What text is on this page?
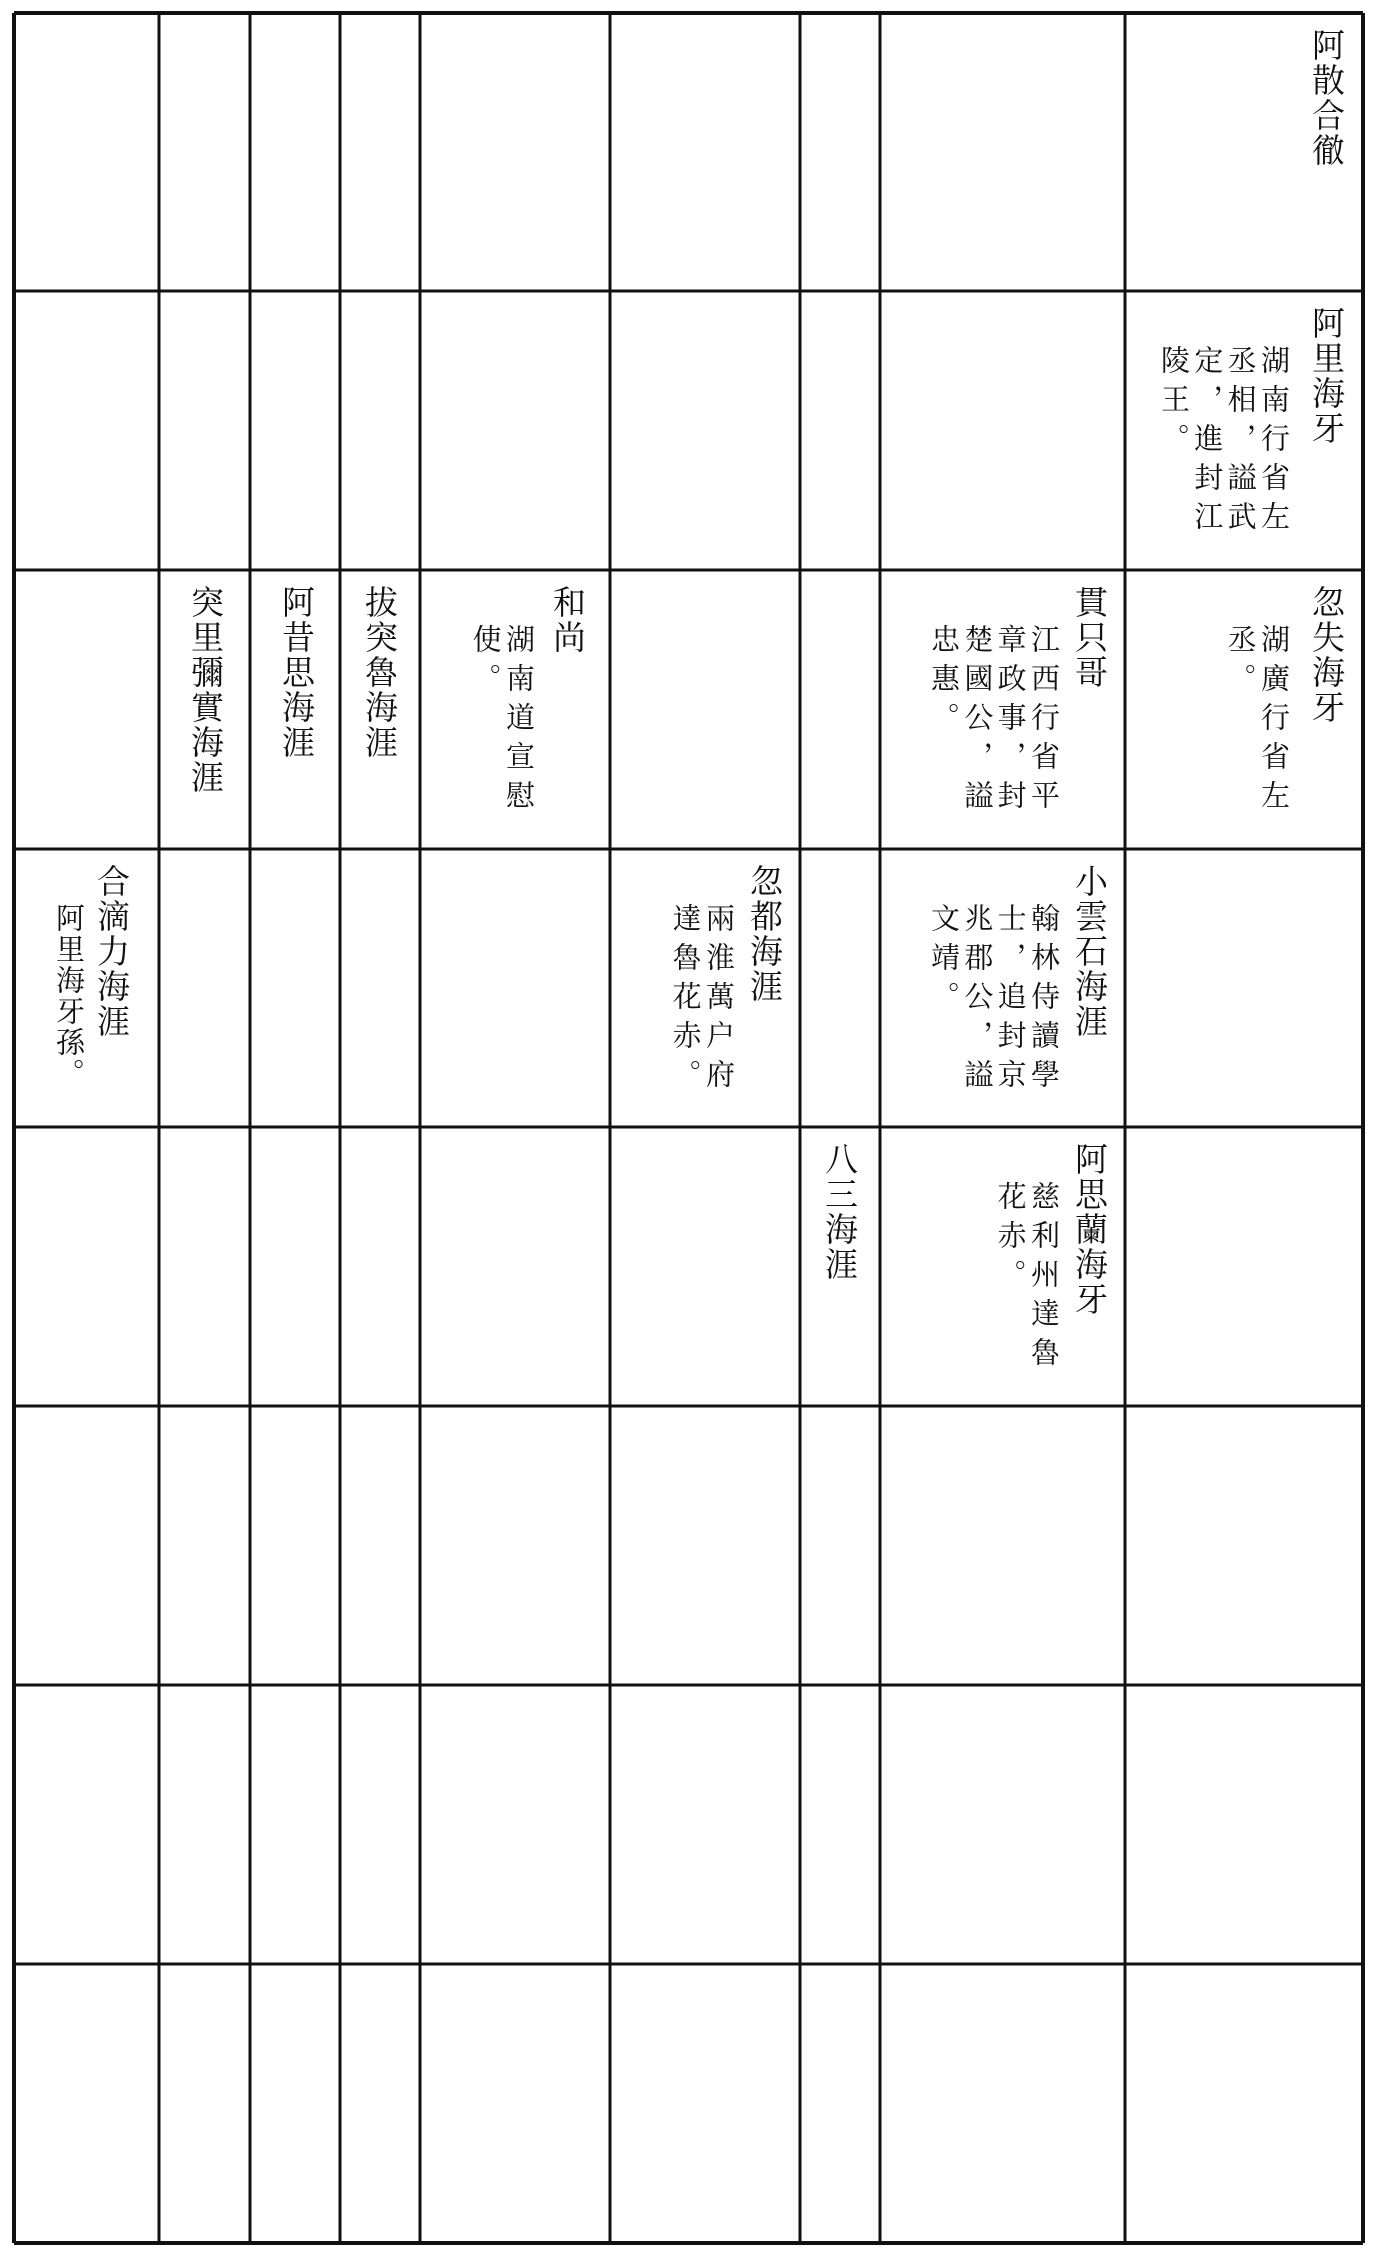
阿散合徹
阿里海牙
湖南行省左丞相，謚武定，進封江陵王。
忽失海牙
湖廣行省左丞。
貫只哥
江西行省平章政事，封楚國公，謚忠惠。
和尚
湖南道宣慰使。
拔突魯海涯
阿昔思海涯
突里彌實海涯
小雲石海涯
翰林侍讀學士，追封京兆郡公，謚文靖。
忽都海涯
兩淮萬户府達魯花赤。
合滴力海涯
阿里海牙孫。
阿思蘭海牙
慈利州達魯花赤。
八三海涯
